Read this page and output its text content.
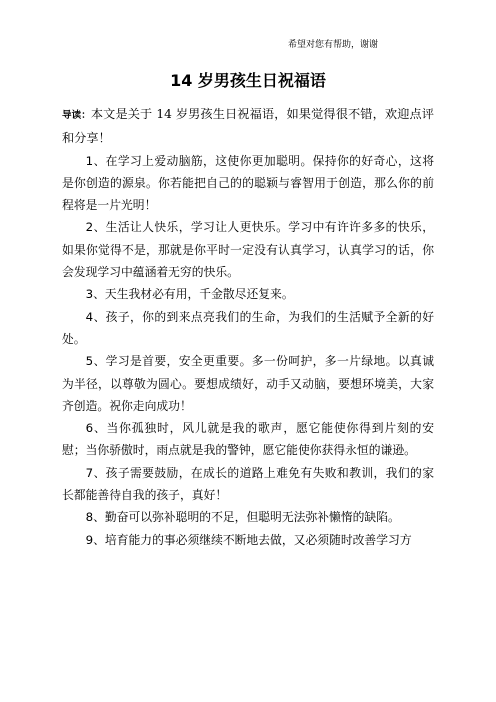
希望对您有帮助，谢谢
14 岁男孩生日祝福语

导读：本文是关于 14 岁男孩生日祝福语，如果觉得很不错，欢迎点评和分享！

1、在学习上爱动脑筋，这使你更加聪明。保持你的好奇心，这将是你创造的源泉。你若能把自己的的聪颖与睿智用于创造，那么你的前程将是一片光明！

2、生活让人快乐，学习让人更快乐。学习中有许许多多的快乐，如果你觉得不是，那就是你平时一定没有认真学习，认真学习的话，你会发现学习中蕴涵着无穷的快乐。

3、天生我材必有用，千金散尽还复来。

4、孩子，你的到来点亮我们的生命，为我们的生活赋予全新的好处。

5、学习是首要，安全更重要。多一份呵护，多一片绿地。以真诚为半径，以尊敬为圆心。要想成绩好，动手又动脑，要想环境美，大家齐创造。祝你走向成功！

6、当你孤独时，风儿就是我的歌声，愿它能使你得到片刻的安慰；当你骄傲时，雨点就是我的警钟，愿它能使你获得永恒的谦逊。

7、孩子需要鼓励，在成长的道路上难免有失败和教训，我们的家长都能善待自我的孩子，真好！

8、勤奋可以弥补聪明的不足，但聪明无法弥补懒惰的缺陷。

9、培育能力的事必须继续不断地去做，又必须随时改善学习方
